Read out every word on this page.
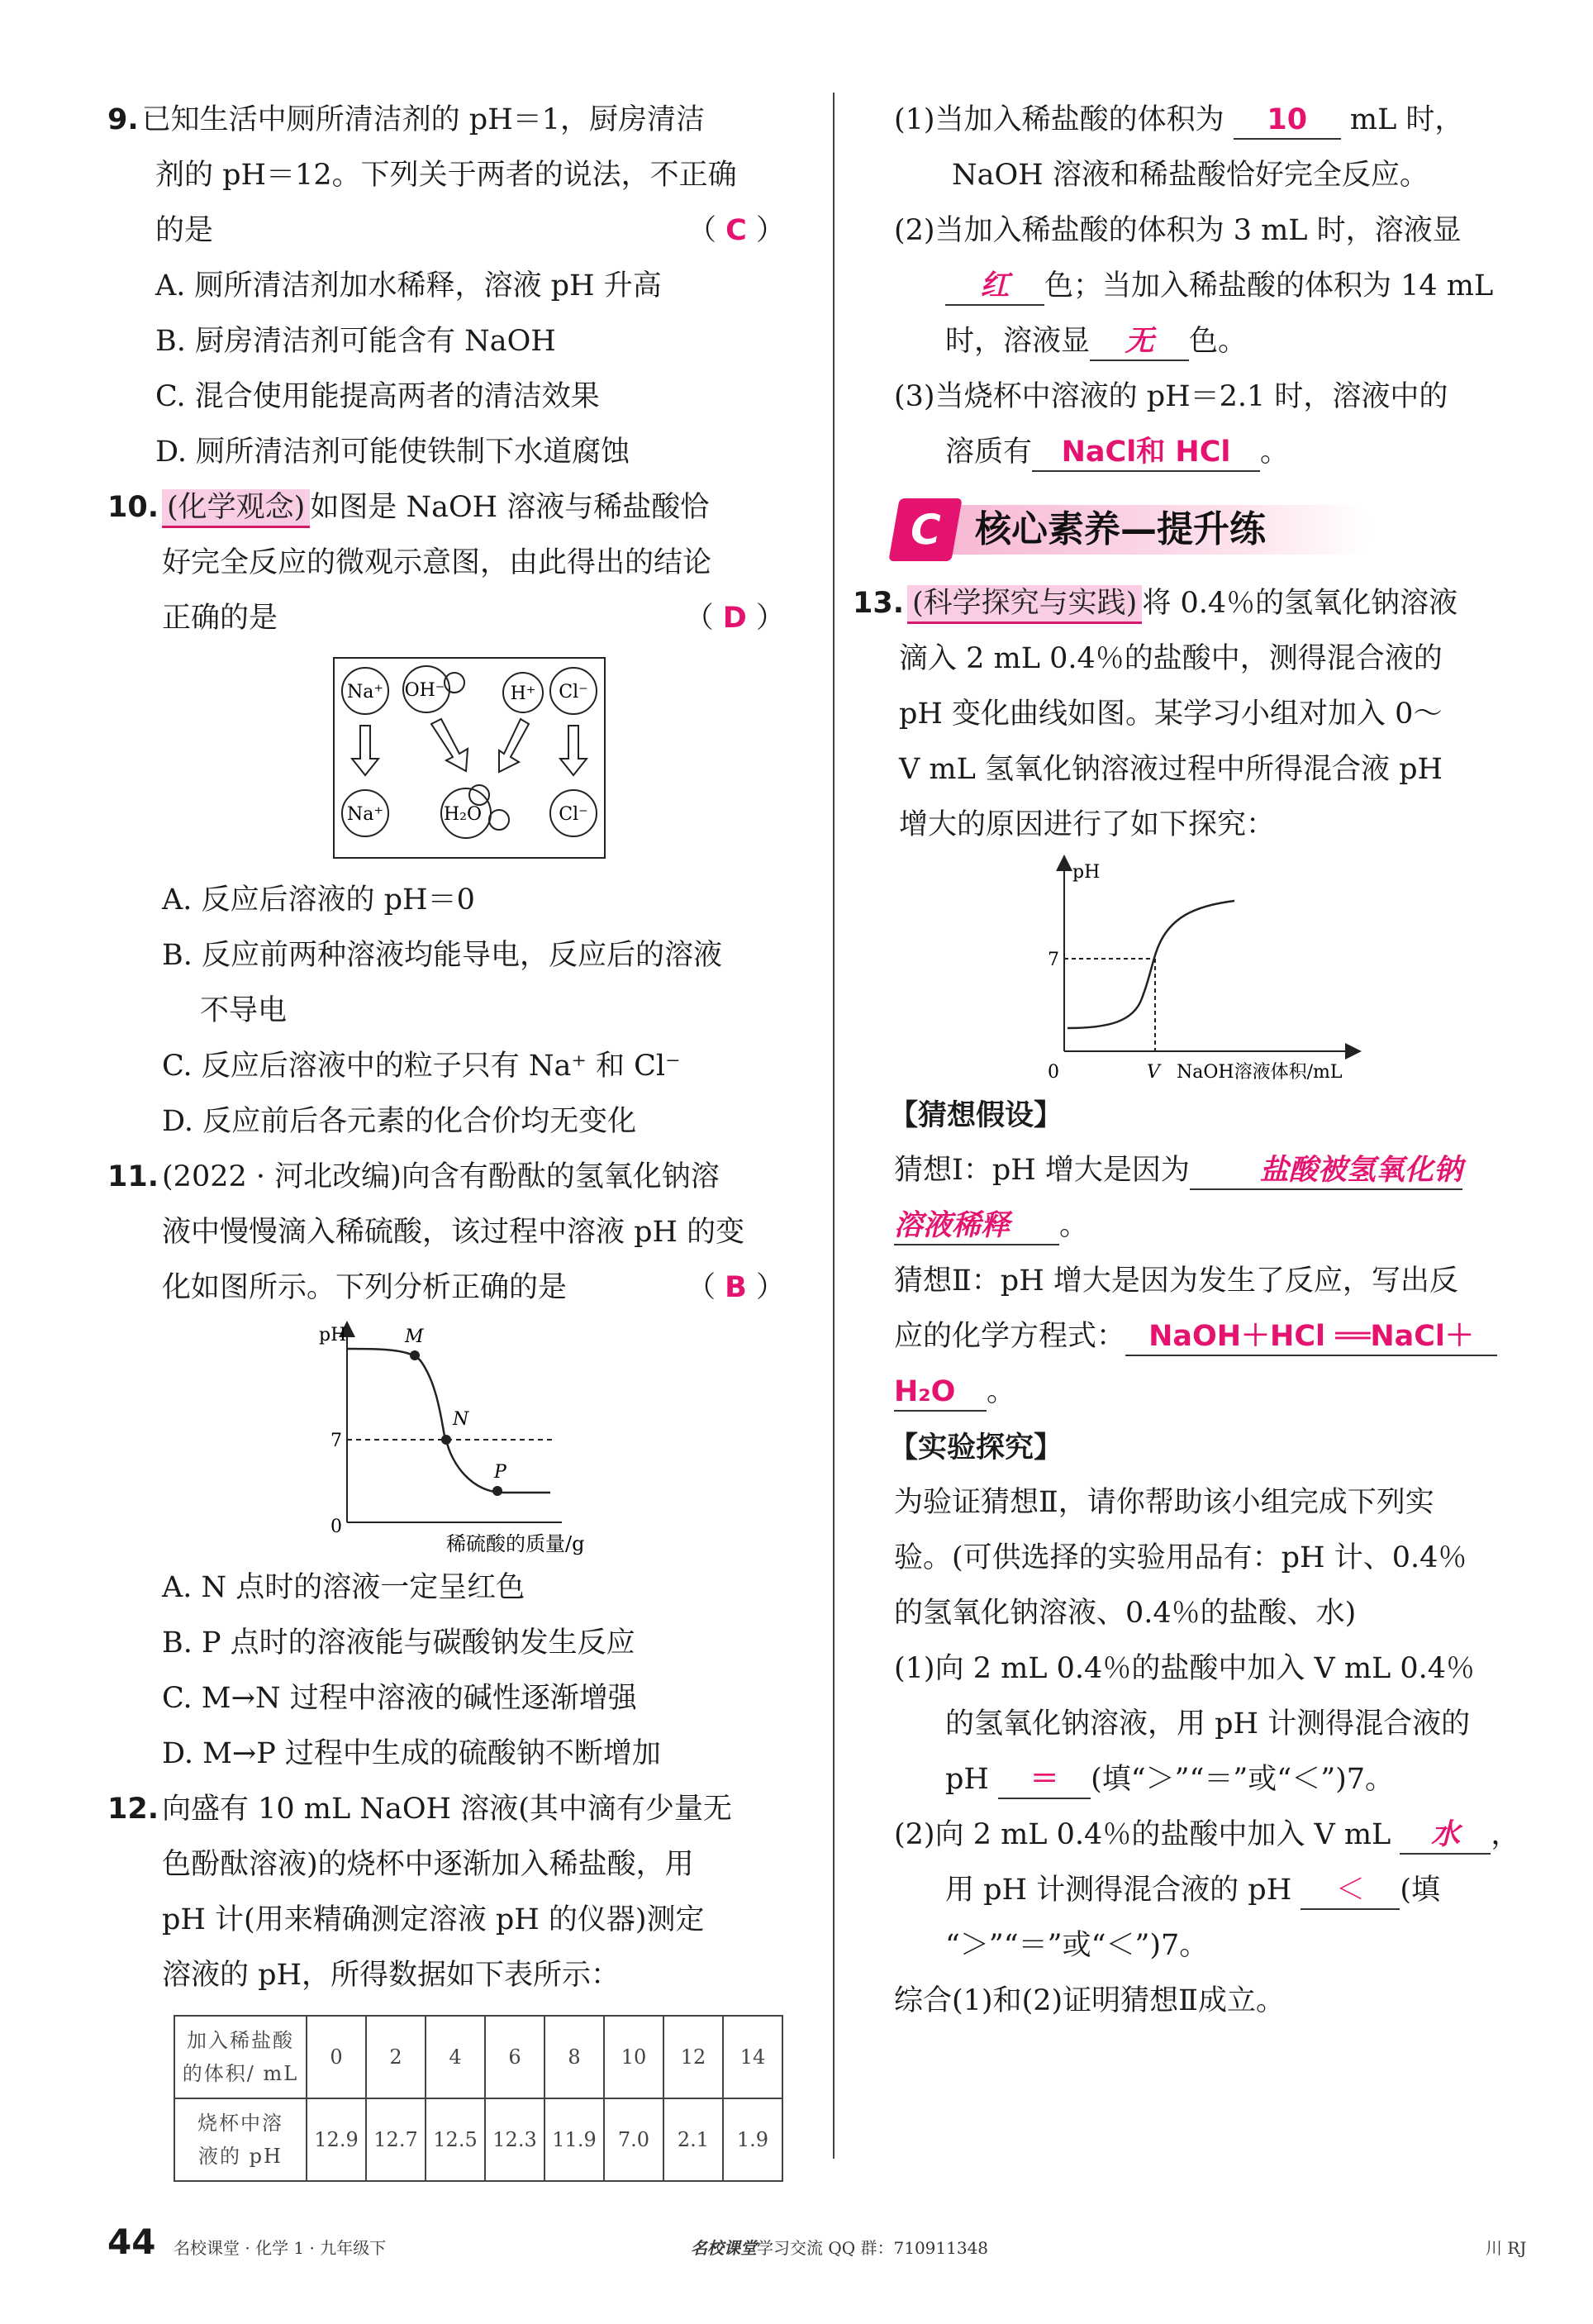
9. 已知生活中厕所清洁剂的 pH＝1，厨房清洁
剂的 pH＝12。下列关于两者的说法，不正确
的是	（ C ）
A. 厕所清洁剂加水稀释，溶液 pH 升高
B. 厨房清洁剂可能含有 NaOH
C. 混合使用能提高两者的清洁效果
D. 厕所清洁剂可能使铁制下水道腐蚀
10. (化学观念) 如图是 NaOH 溶液与稀盐酸恰
好完全反应的微观示意图，由此得出的结论
正确的是	（ D ）
Na⁺ OH⁻	H⁺ Cl⁻
Na⁺	H₂O	Cl⁻
A. 反应后溶液的 pH＝0
B. 反应前两种溶液均能导电，反应后的溶液
不导电
C. 反应后溶液中的粒子只有 Na⁺ 和 Cl⁻
D. 反应前后各元素的化合价均无变化
11. (2022 · 河北改编)向含有酚酞的氢氧化钠溶
液中慢慢滴入稀硫酸，该过程中溶液 pH 的变
化如图所示。下列分析正确的是	（ B ）
pH
7
0
M
N
P
稀硫酸的质量/g
A. N 点时的溶液一定呈红色
B. P 点时的溶液能与碳酸钠发生反应
C. M→N 过程中溶液的碱性逐渐增强
D. M→P 过程中生成的硫酸钠不断增加
12. 向盛有 10 mL NaOH 溶液(其中滴有少量无
色酚酞溶液)的烧杯中逐渐加入稀盐酸，用
pH 计(用来精确测定溶液 pH 的仪器)测定
溶液的 pH，所得数据如下表所示：
加入稀盐酸
的体积/ mL	0	2	4	6	8	10	12	14
烧杯中溶
液的 pH	12.9	12.7	12.5	12.3	11.9	7.0	2.1	1.9
(1)当加入稀盐酸的体积为 10 mL 时，
NaOH 溶液和稀盐酸恰好完全反应。
(2)当加入稀盐酸的体积为 3 mL 时，溶液显
红 色；当加入稀盐酸的体积为 14 mL
时，溶液显 无 色。
(3)当烧杯中溶液的 pH＝2.1 时，溶液中的
溶质有 NaCl和 HCl 。
C 核心素养—提升练
13. (科学探究与实践) 将 0.4％的氢氧化钠溶液
滴入 2 mL 0.4％的盐酸中，测得混合液的
pH 变化曲线如图。某学习小组对加入 0～
V mL 氢氧化钠溶液过程中所得混合液 pH
增大的原因进行了如下探究：
pH
7
0	V NaOH溶液体积/mL
【猜想假设】
猜想Ⅰ：pH 增大是因为 盐酸被氢氧化钠
溶液稀释 。
猜想Ⅱ：pH 增大是因为发生了反应，写出反
应的化学方程式： NaOH＋HCl ══NaCl＋
H₂O 。
【实验探究】
为验证猜想Ⅱ，请你帮助该小组完成下列实
验。(可供选择的实验用品有：pH 计、0.4％
的氢氧化钠溶液、0.4％的盐酸、水)
(1)向 2 mL 0.4％的盐酸中加入 V mL 0.4％
的氢氧化钠溶液，用 pH 计测得混合液的
pH ＝ (填“＞”“＝”或“＜”)7。
(2)向 2 mL 0.4％的盐酸中加入 V mL 水 ，
用 pH 计测得混合液的 pH ＜ (填
“＞”“＝”或“＜”)7。
综合(1)和(2)证明猜想Ⅱ成立。
44 名校课堂 · 化学 1 · 九年级下	名校课堂学习交流 QQ 群：710911348	川 RJ
